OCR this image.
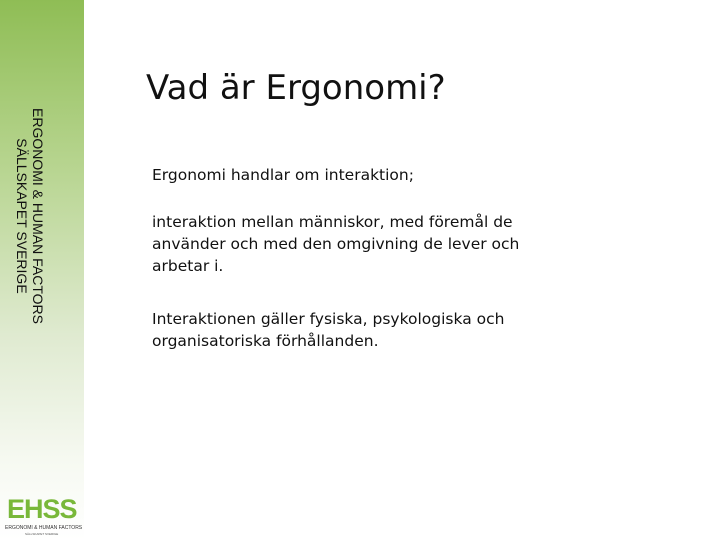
ERGONOMI & HUMAN FACTORS
SÄLLSKAPET SVERIGE
EHSS
ERGONOMI & HUMAN FACTORS
SÄLLSKAPET SVERIGE
Vad är Ergonomi?

Ergonomi handlar om interaktion;

interaktion mellan människor, med föremål de använder och med den omgivning de lever och arbetar i.

Interaktionen gäller fysiska, psykologiska och organisatoriska förhållanden.
